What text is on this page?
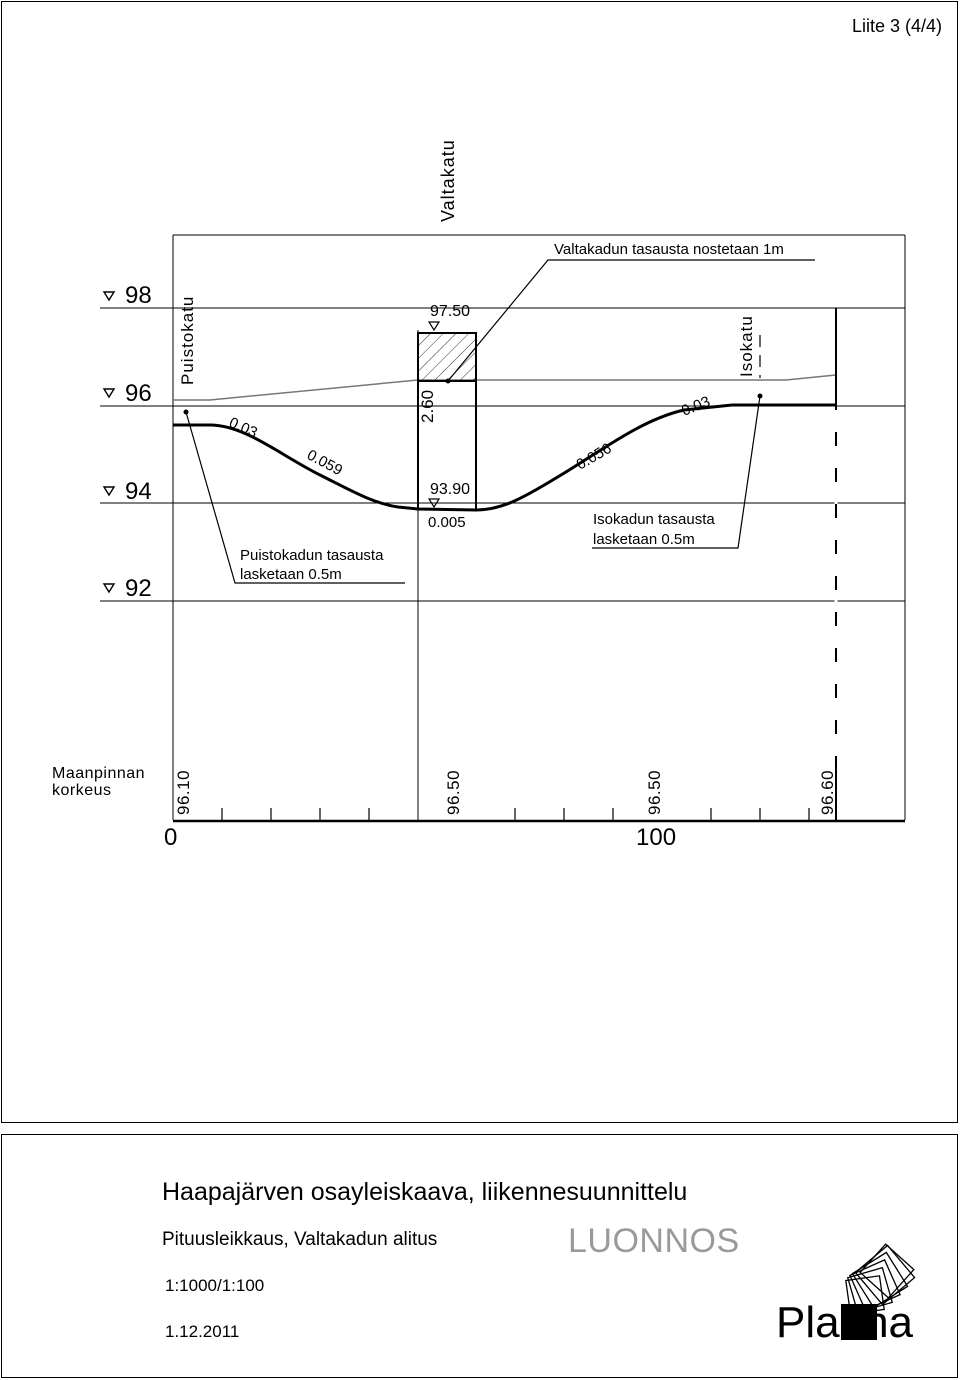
Liite 3 (4/4)
98
96
94
92
Valtakatu
Puistokatu	Isokatu
97.50
93.90
2.60
0.03
0.059
0.005
0.056
0.03
Valtakadun tasausta nostetaan 1m
Puistokadun tasausta
lasketaan 0.5m
Isokadun tasausta
lasketaan 0.5m
Maanpinnan
korkeus	96.10	96.50	96.50	96.60
0	100
Plaana
Haapajärven osayleiskaava, liikennesuunnittelu
Pituusleikkaus, Valtakadun alitus	LUONNOS
1:1000/1:100
1.12.2011
